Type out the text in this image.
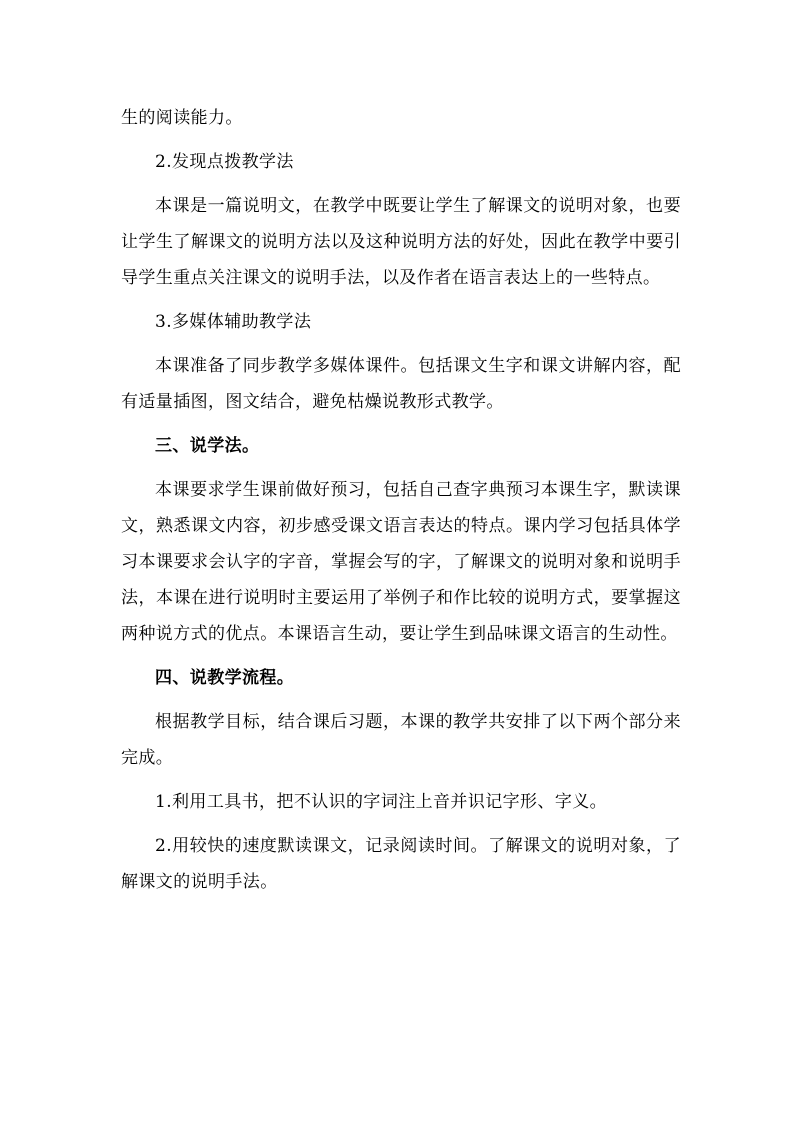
生的阅读能力。

2.发现点拨教学法

本课是一篇说明文，在教学中既要让学生了解课文的说明对象，也要让学生了解课文的说明方法以及这种说明方法的好处，因此在教学中要引导学生重点关注课文的说明手法，以及作者在语言表达上的一些特点。

3.多媒体辅助教学法

本课准备了同步教学多媒体课件。包括课文生字和课文讲解内容，配有适量插图，图文结合，避免枯燥说教形式教学。

三、说学法。

本课要求学生课前做好预习，包括自己查字典预习本课生字，默读课文，熟悉课文内容，初步感受课文语言表达的特点。课内学习包括具体学习本课要求会认字的字音，掌握会写的字，了解课文的说明对象和说明手法，本课在进行说明时主要运用了举例子和作比较的说明方式，要掌握这两种说方式的优点。本课语言生动，要让学生到品味课文语言的生动性。

四、说教学流程。

根据教学目标，结合课后习题，本课的教学共安排了以下两个部分来完成。

1.利用工具书，把不认识的字词注上音并识记字形、字义。

2.用较快的速度默读课文，记录阅读时间。了解课文的说明对象，了解课文的说明手法。
